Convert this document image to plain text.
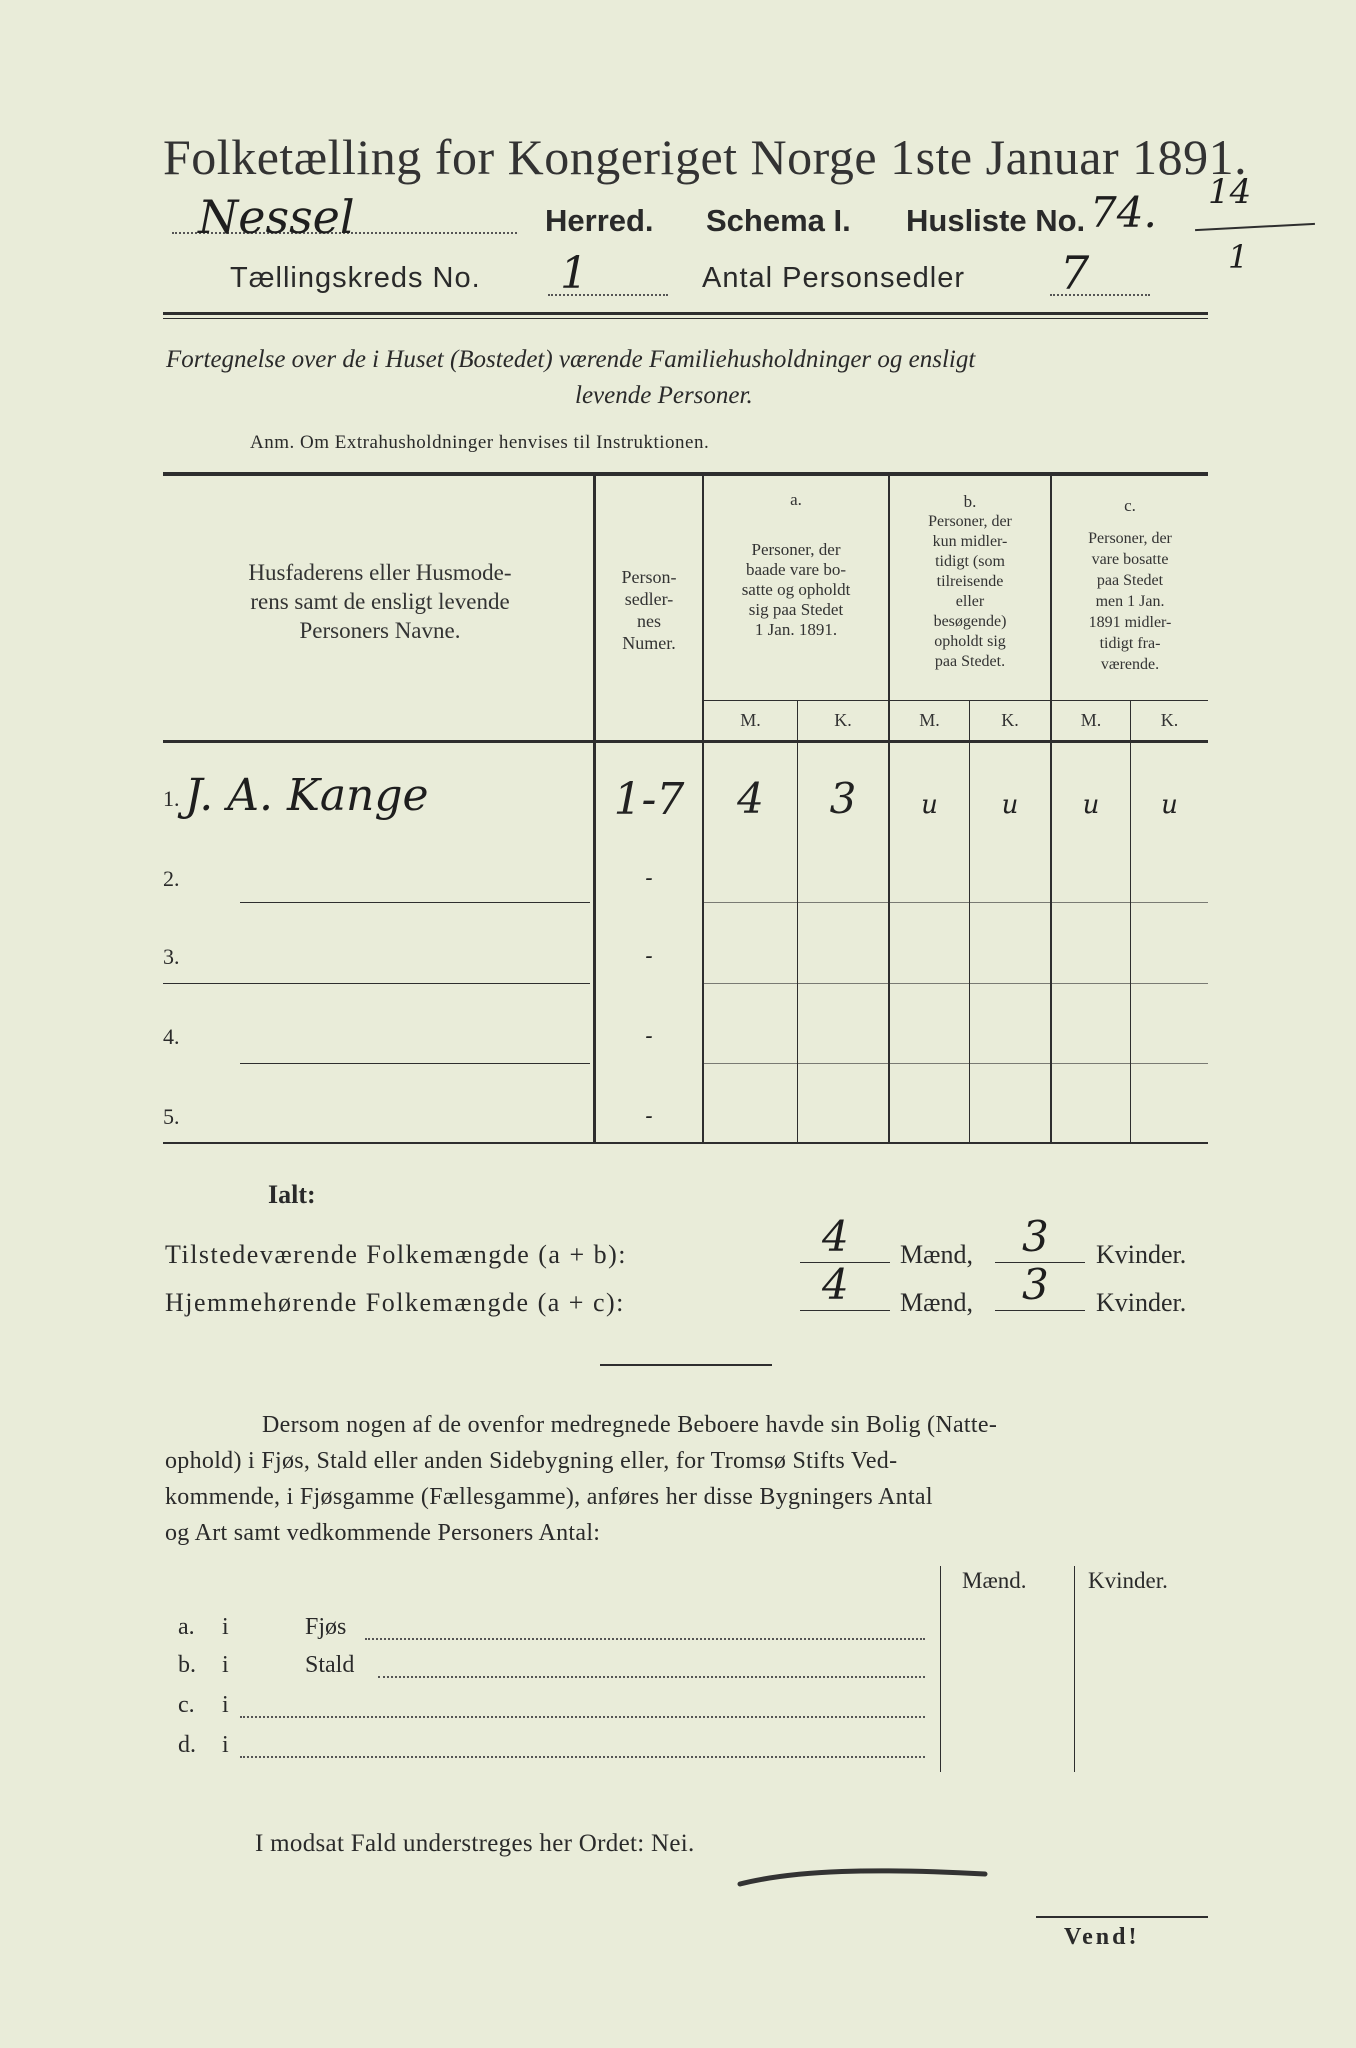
Folketælling for Kongeriget Norge 1ste Januar 1891.
Nessel	Herred. Schema I. Husliste No. 74. 14
1
Tællingskreds No. 1	Antal Personsedler 7
Fortegnelse over de i Huset (Bostedet) værende Familiehusholdninger og ensligt
levende Personer.
Anm. Om Extrahusholdninger henvises til Instruktionen.
Husfaderens eller Husmode-
rens samt de ensligt levende
Personers Navne.
Person-
sedler-
nes
Numer.
a.
Personer, der
baade vare bo-
satte og opholdt
sig paa Stedet
1 Jan. 1891.
b.
Personer, der
kun midler-
tidigt (som
tilreisende
eller
besøgende)
opholdt sig
paa Stedet.
c.
Personer, der
vare bosatte
paa Stedet
men 1 Jan.
1891 midler-
tidigt fra-
værende.
M.	K.	M.	K.	M.	K.
1. J. A. Kange	1-7	4	3	u	u	u	u
2.	-
3.	-
4.	-
5.	-
Ialt:
Tilstedeværende Folkemængde (a + b):	4 Mænd, 3 Kvinder.
Hjemmehørende Folkemængde (a + c):	4 Mænd, 3 Kvinder.
Dersom nogen af de ovenfor medregnede Beboere havde sin Bolig (Natte-
ophold) i Fjøs, Stald eller anden Sidebygning eller, for Tromsø Stifts Ved-
kommende, i Fjøsgamme (Fællesgamme), anføres her disse Bygningers Antal
og Art samt vedkommende Personers Antal:
Mænd.	Kvinder.
a. i	Fjøs
b. i	Stald
c. i
d. i
I modsat Fald understreges her Ordet: Nei.
Vend!
